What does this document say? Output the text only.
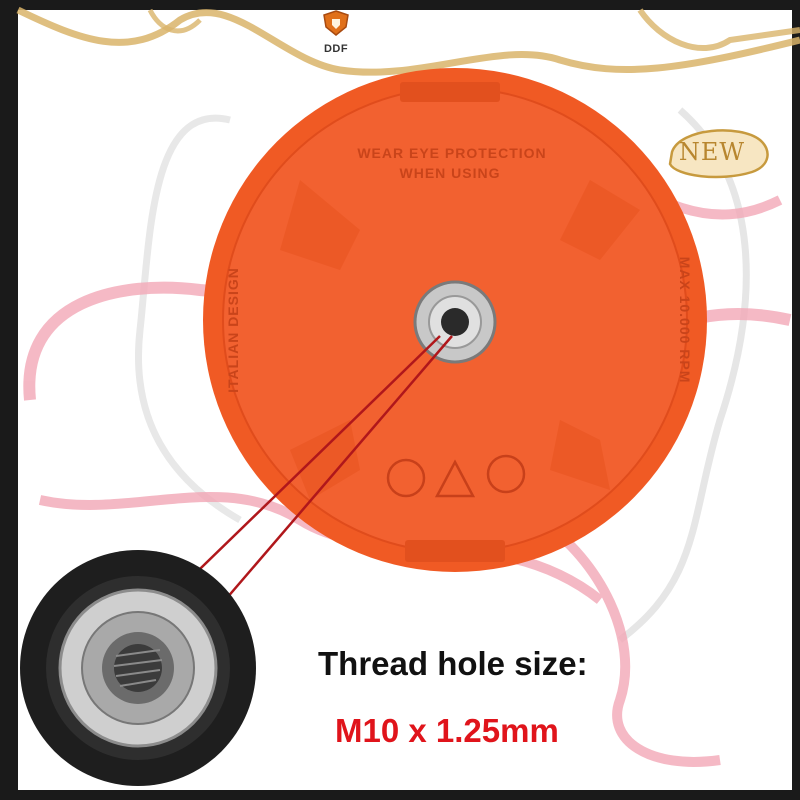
WEAR EYE PROTECTION
WHEN USING
ITALIAN DESIGN	MAX 10.000 RPM
DDF
NEW
Thread hole size:
M10 x 1.25mm
